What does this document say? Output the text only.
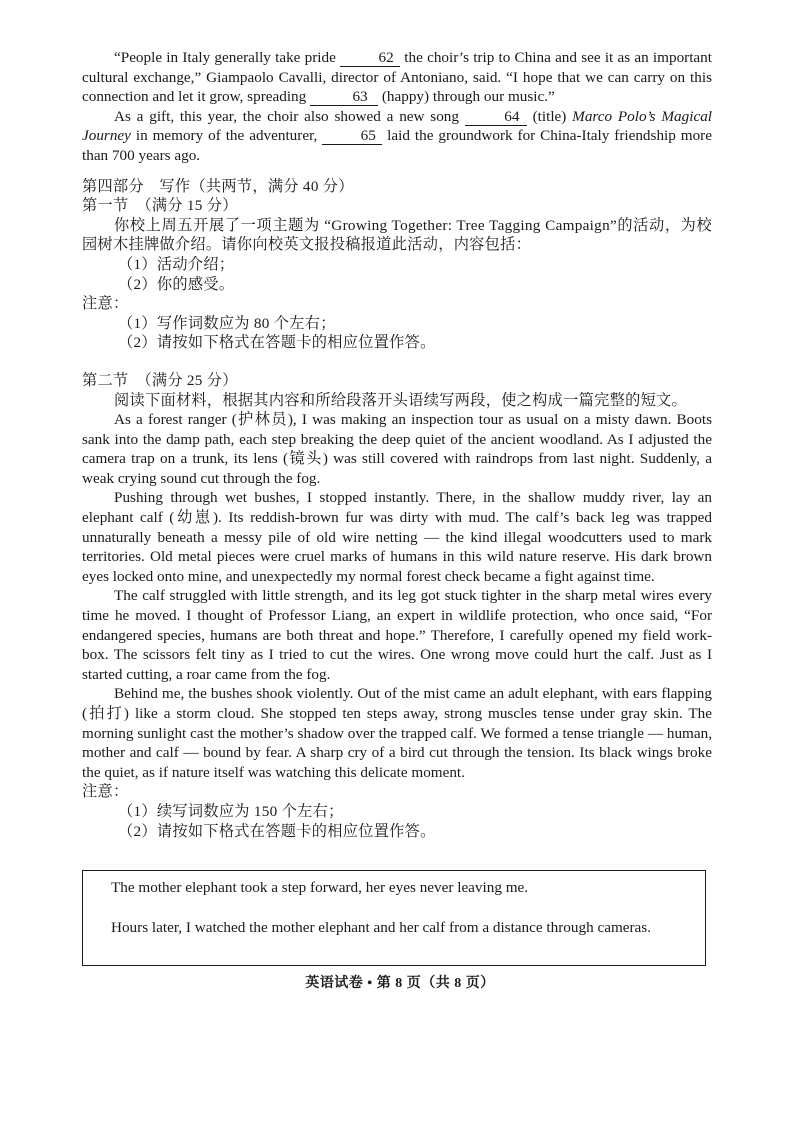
“People in Italy generally take pride	62 the choir’s trip to China and see it as an important cultural exchange,” Giampaolo Cavalli, director of Antoniano, said. “I hope that we can carry on this connection and let it grow, spreading	63 (happy) through our music.”

As a gift, this year, the choir also showed a new song	64 (title) Marco Polo’s Magical Journey in memory of the adventurer,	65 laid the groundwork for China-Italy friendship more than 700 years ago.

第四部分　写作（共两节，满分 40 分）

第一节　（满分 15 分）

你校上周五开展了一项主题为 “Growing Together: Tree Tagging Campaign”的活动，为校园树木挂牌做介绍。请你向校英文报投稿报道此活动，内容包括：

（1）活动介绍；

（2）你的感受。

注意：

（1）写作词数应为 80 个左右；

（2）请按如下格式在答题卡的相应位置作答。

第二节　（满分 25 分）

阅读下面材料，根据其内容和所给段落开头语续写两段，使之构成一篇完整的短文。

As a forest ranger (护林员), I was making an inspection tour as usual on a misty dawn. Boots sank into the damp path, each step breaking the deep quiet of the ancient woodland. As I adjusted the camera trap on a trunk, its lens (镜头) was still covered with raindrops from last night. Suddenly, a weak crying sound cut through the fog.

Pushing through wet bushes, I stopped instantly. There, in the shallow muddy river, lay an elephant calf (幼崽). Its reddish-brown fur was dirty with mud. The calf’s back leg was trapped unnaturally beneath a messy pile of old wire netting — the kind illegal woodcutters used to mark territories. Old metal pieces were cruel marks of humans in this wild nature reserve. His dark brown eyes locked onto mine, and unexpectedly my normal forest check became a fight against time.

The calf struggled with little strength, and its leg got stuck tighter in the sharp metal wires every time he moved. I thought of Professor Liang, an expert in wildlife protection, who once said, “For endangered species, humans are both threat and hope.” Therefore, I carefully opened my field work-box. The scissors felt tiny as I tried to cut the wires. One wrong move could hurt the calf. Just as I started cutting, a roar came from the fog.

Behind me, the bushes shook violently. Out of the mist came an adult elephant, with ears flapping (拍打) like a storm cloud. She stopped ten steps away, strong muscles tense under gray skin. The morning sunlight cast the mother’s shadow over the trapped calf. We formed a tense triangle — human, mother and calf — bound by fear. A sharp cry of a bird cut through the tension. Its black wings broke the quiet, as if nature itself was watching this delicate moment.

注意：

（1）续写词数应为 150 个左右；

（2）请按如下格式在答题卡的相应位置作答。

The mother elephant took a step forward, her eyes never leaving me.

Hours later, I watched the mother elephant and her calf from a distance through cameras.

英语试卷 • 第 8 页（共 8 页）
